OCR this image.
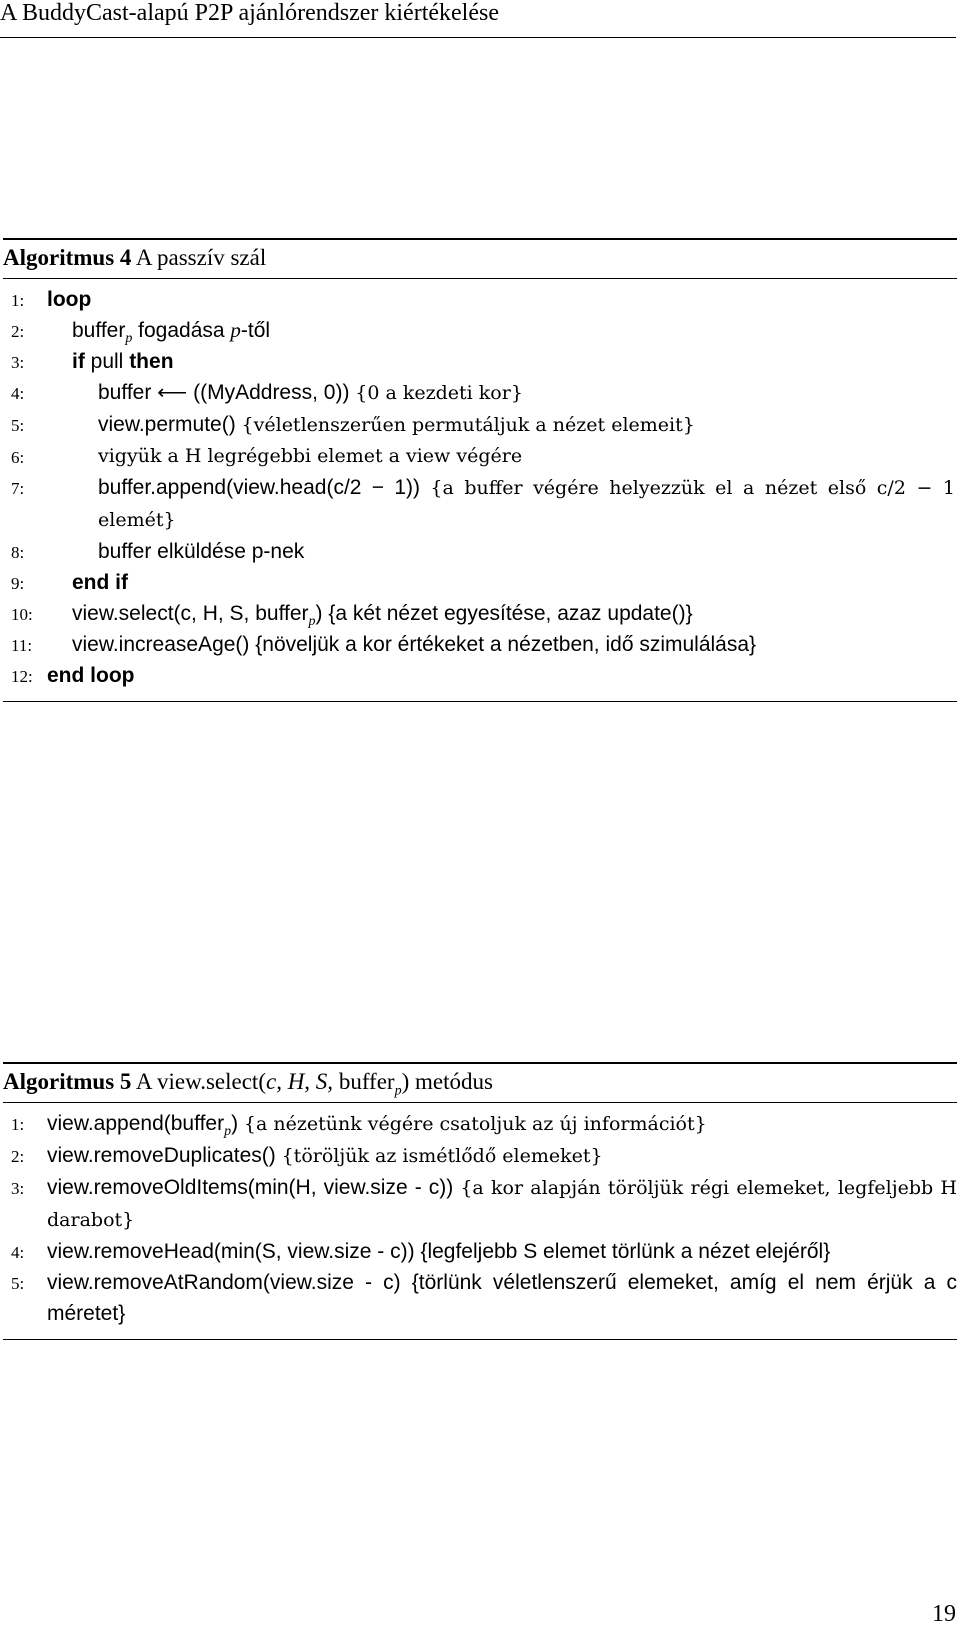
A BuddyCast-alapú P2P ajánlórendszer kiértékelése
Algoritmus 4 A passzív szál
1:	loop
2:	buffer$_p$ fogadása p-től
3:	if pull then
4:	buffer ⟵ ((MyAddress, 0)) {0 a kezdeti kor}
5:	view.permute() {véletlenszerűen permutáljuk a nézet elemeit}
6:	vigyük a H legrégebbi elemet a view végére
7:	buffer.append(view.head(c/2 − 1)) {a buffer végére helyezzük el a nézet első c/2 − 1 elemét}
8:	buffer elküldése p-nek
9:	end if
10:	view.select(c, H, S, buffer$_p$) {a két nézet egyesítése, azaz update()}
11:	view.increaseAge() {növeljük a kor értékeket a nézetben, idő szimulálása}
12: end loop
Algoritmus 5 A view.select(c, H, S, buffer$_p$) metódus
1:	view.append(buffer$_p$) {a nézetünk végére csatoljuk az új információt}
2:	view.removeDuplicates() {töröljük az ismétlődő elemeket}
3:	view.removeOldItems(min(H, view.size - c)) {a kor alapján töröljük régi elemeket, legfeljebb H darabot}
4:	view.removeHead(min(S, view.size - c)) {legfeljebb S elemet törlünk a nézet elejéről}
5:	view.removeAtRandom(view.size - c) {törlünk véletlenszerű elemeket, amíg el nem érjük a c méretet}
19
